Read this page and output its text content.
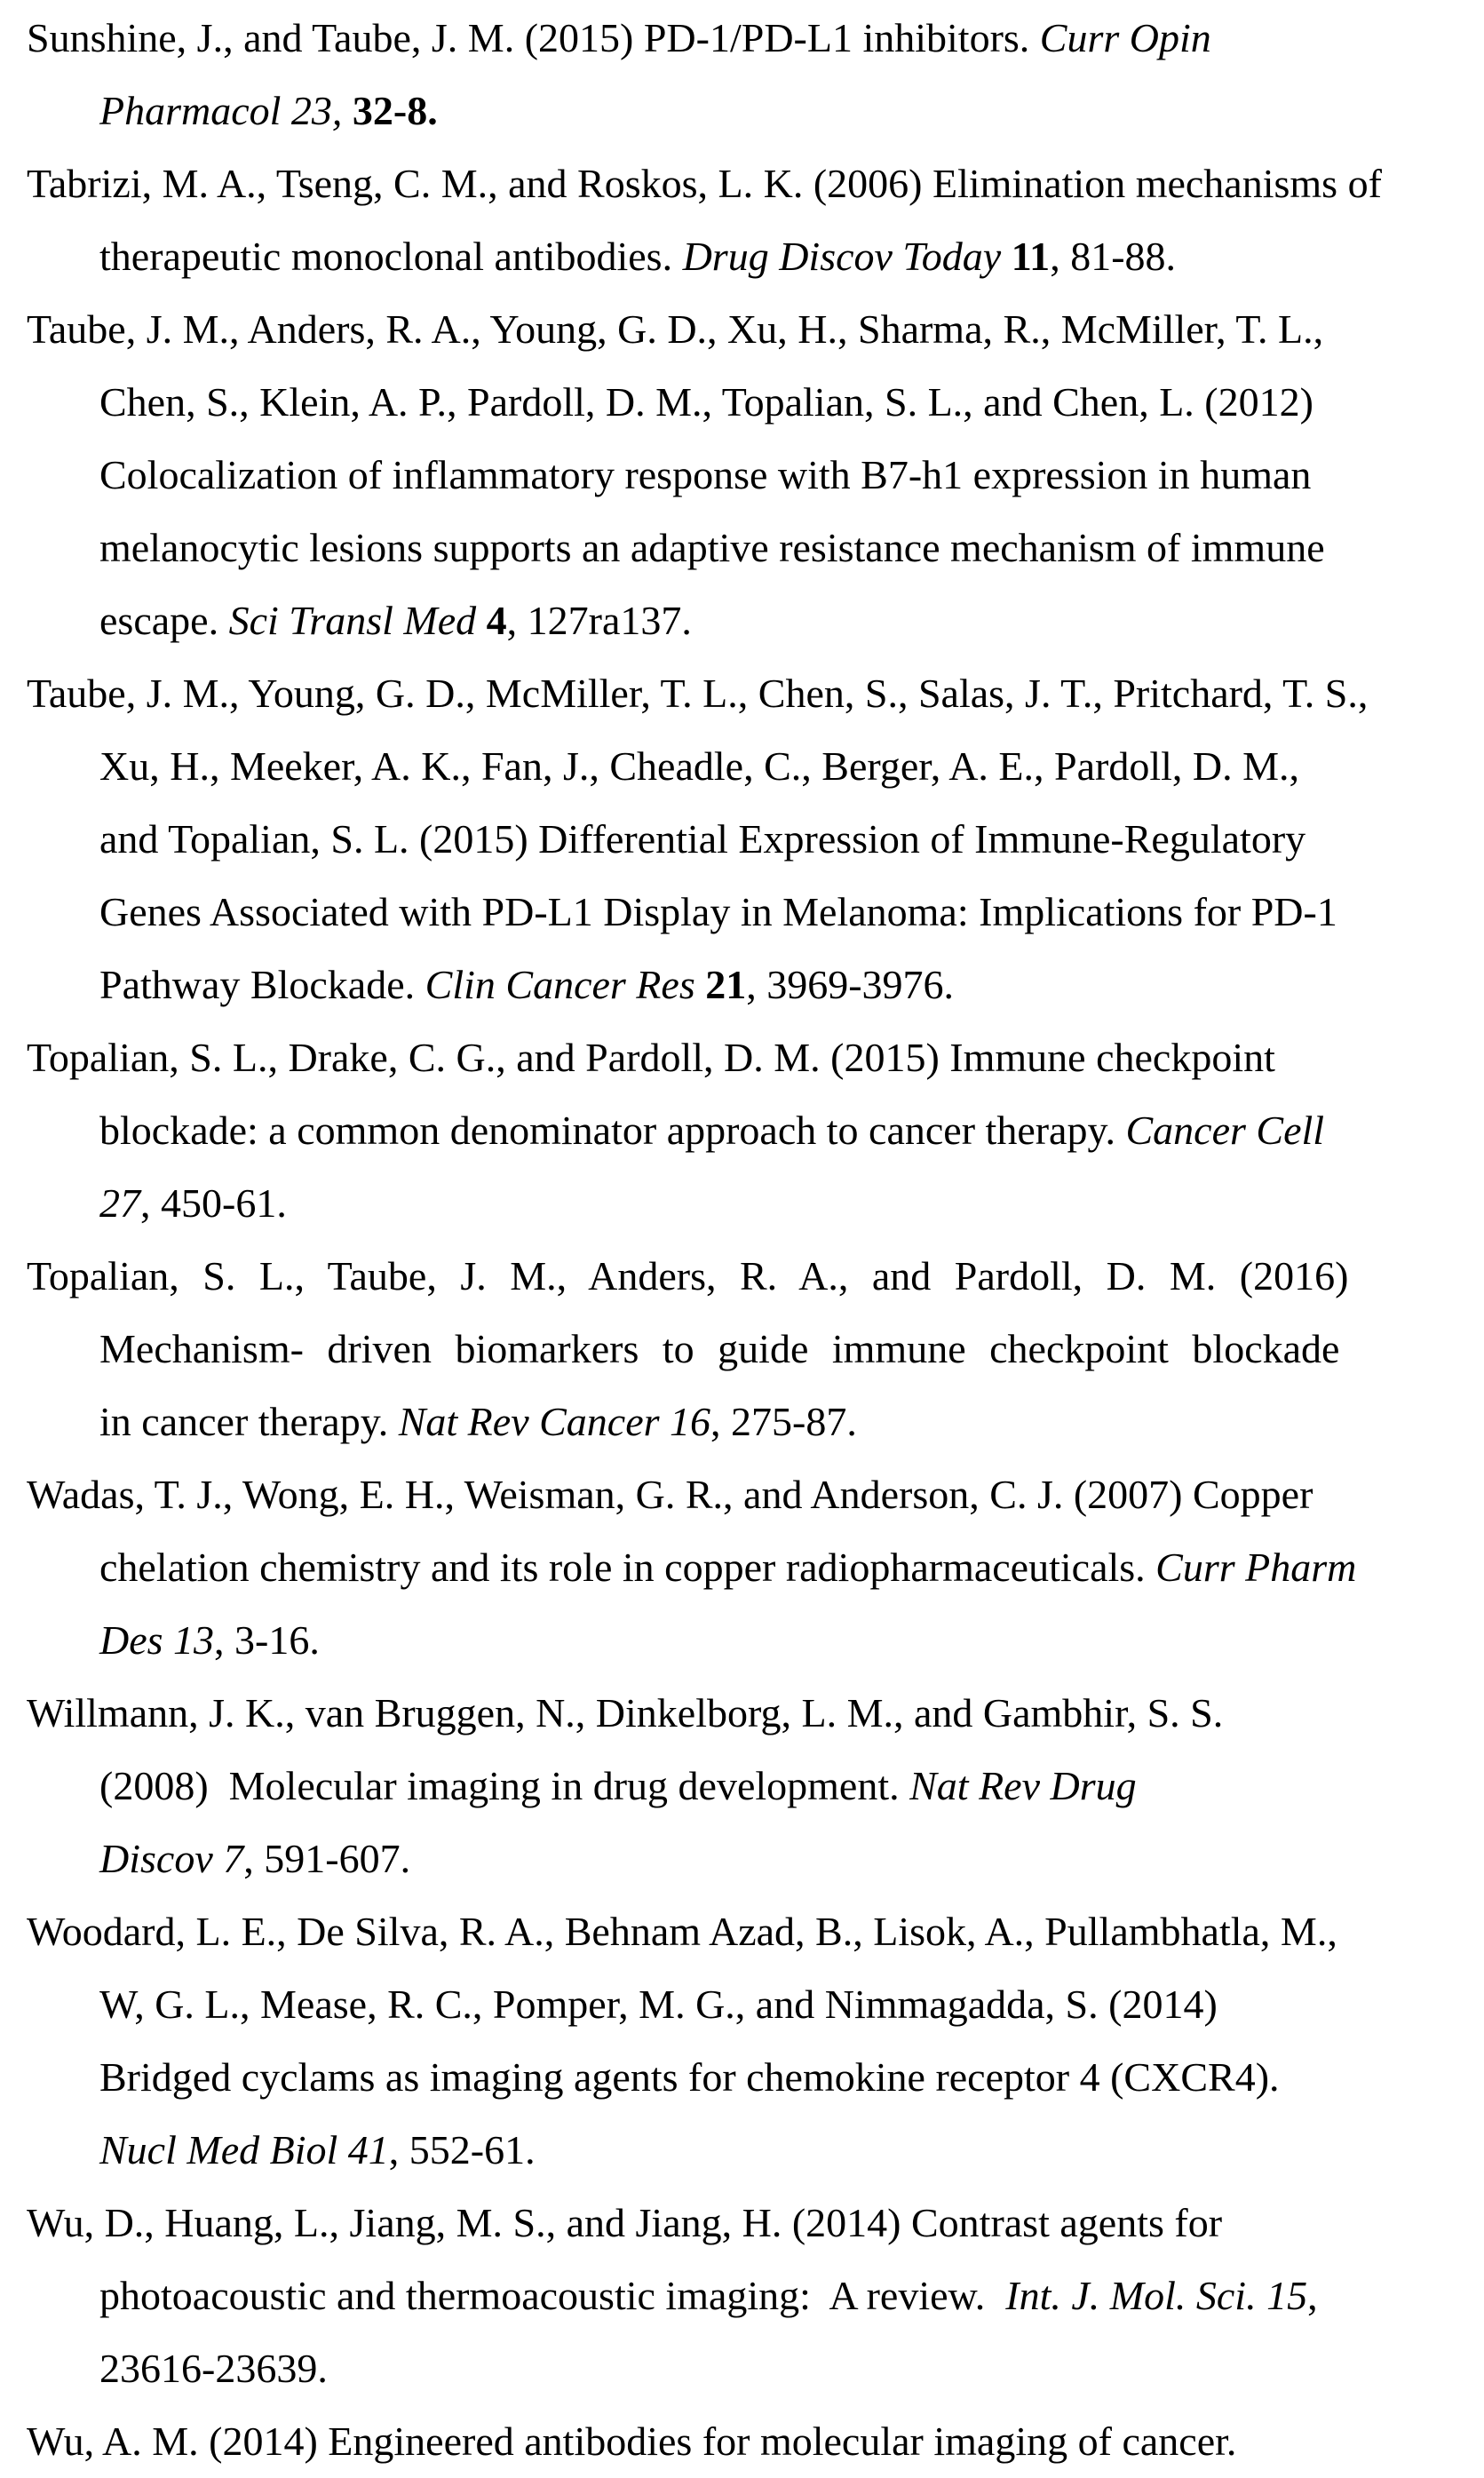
Sunshine, J., and Taube, J. M. (2015) PD-1/PD-L1 inhibitors. Curr Opin
Pharmacol 23, 32-8.
Tabrizi, M. A., Tseng, C. M., and Roskos, L. K. (2006) Elimination mechanisms of
therapeutic monoclonal antibodies. Drug Discov Today 11, 81-88.
Taube, J. M., Anders, R. A., Young, G. D., Xu, H., Sharma, R., McMiller, T. L.,
Chen, S., Klein, A. P., Pardoll, D. M., Topalian, S. L., and Chen, L. (2012)
Colocalization of inflammatory response with B7-h1 expression in human
melanocytic lesions supports an adaptive resistance mechanism of immune
escape. Sci Transl Med 4, 127ra137.
Taube, J. M., Young, G. D., McMiller, T. L., Chen, S., Salas, J. T., Pritchard, T. S.,
Xu, H., Meeker, A. K., Fan, J., Cheadle, C., Berger, A. E., Pardoll, D. M.,
and Topalian, S. L. (2015) Differential Expression of Immune-Regulatory
Genes Associated with PD-L1 Display in Melanoma: Implications for PD-1
Pathway Blockade. Clin Cancer Res 21, 3969-3976.
Topalian, S. L., Drake, C. G., and Pardoll, D. M. (2015) Immune checkpoint
blockade: a common denominator approach to cancer therapy. Cancer Cell
27, 450-61.
Topalian, S. L., Taube, J. M., Anders, R. A., and Pardoll, D. M. (2016)
Mechanism- driven biomarkers to guide immune checkpoint blockade
in cancer therapy. Nat Rev Cancer 16, 275-87.
Wadas, T. J., Wong, E. H., Weisman, G. R., and Anderson, C. J. (2007) Copper
chelation chemistry and its role in copper radiopharmaceuticals. Curr Pharm
Des 13, 3-16.
Willmann, J. K., van Bruggen, N., Dinkelborg, L. M., and Gambhir, S. S.
(2008)  Molecular imaging in drug development. Nat Rev Drug
Discov 7, 591-607.
Woodard, L. E., De Silva, R. A., Behnam Azad, B., Lisok, A., Pullambhatla, M.,
W, G. L., Mease, R. C., Pomper, M. G., and Nimmagadda, S. (2014)
Bridged cyclams as imaging agents for chemokine receptor 4 (CXCR4).
Nucl Med Biol 41, 552-61.
Wu, D., Huang, L., Jiang, M. S., and Jiang, H. (2014) Contrast agents for
photoacoustic and thermoacoustic imaging:  A review.  Int. J. Mol. Sci. 15,
23616-23639.
Wu, A. M. (2014) Engineered antibodies for molecular imaging of cancer.
